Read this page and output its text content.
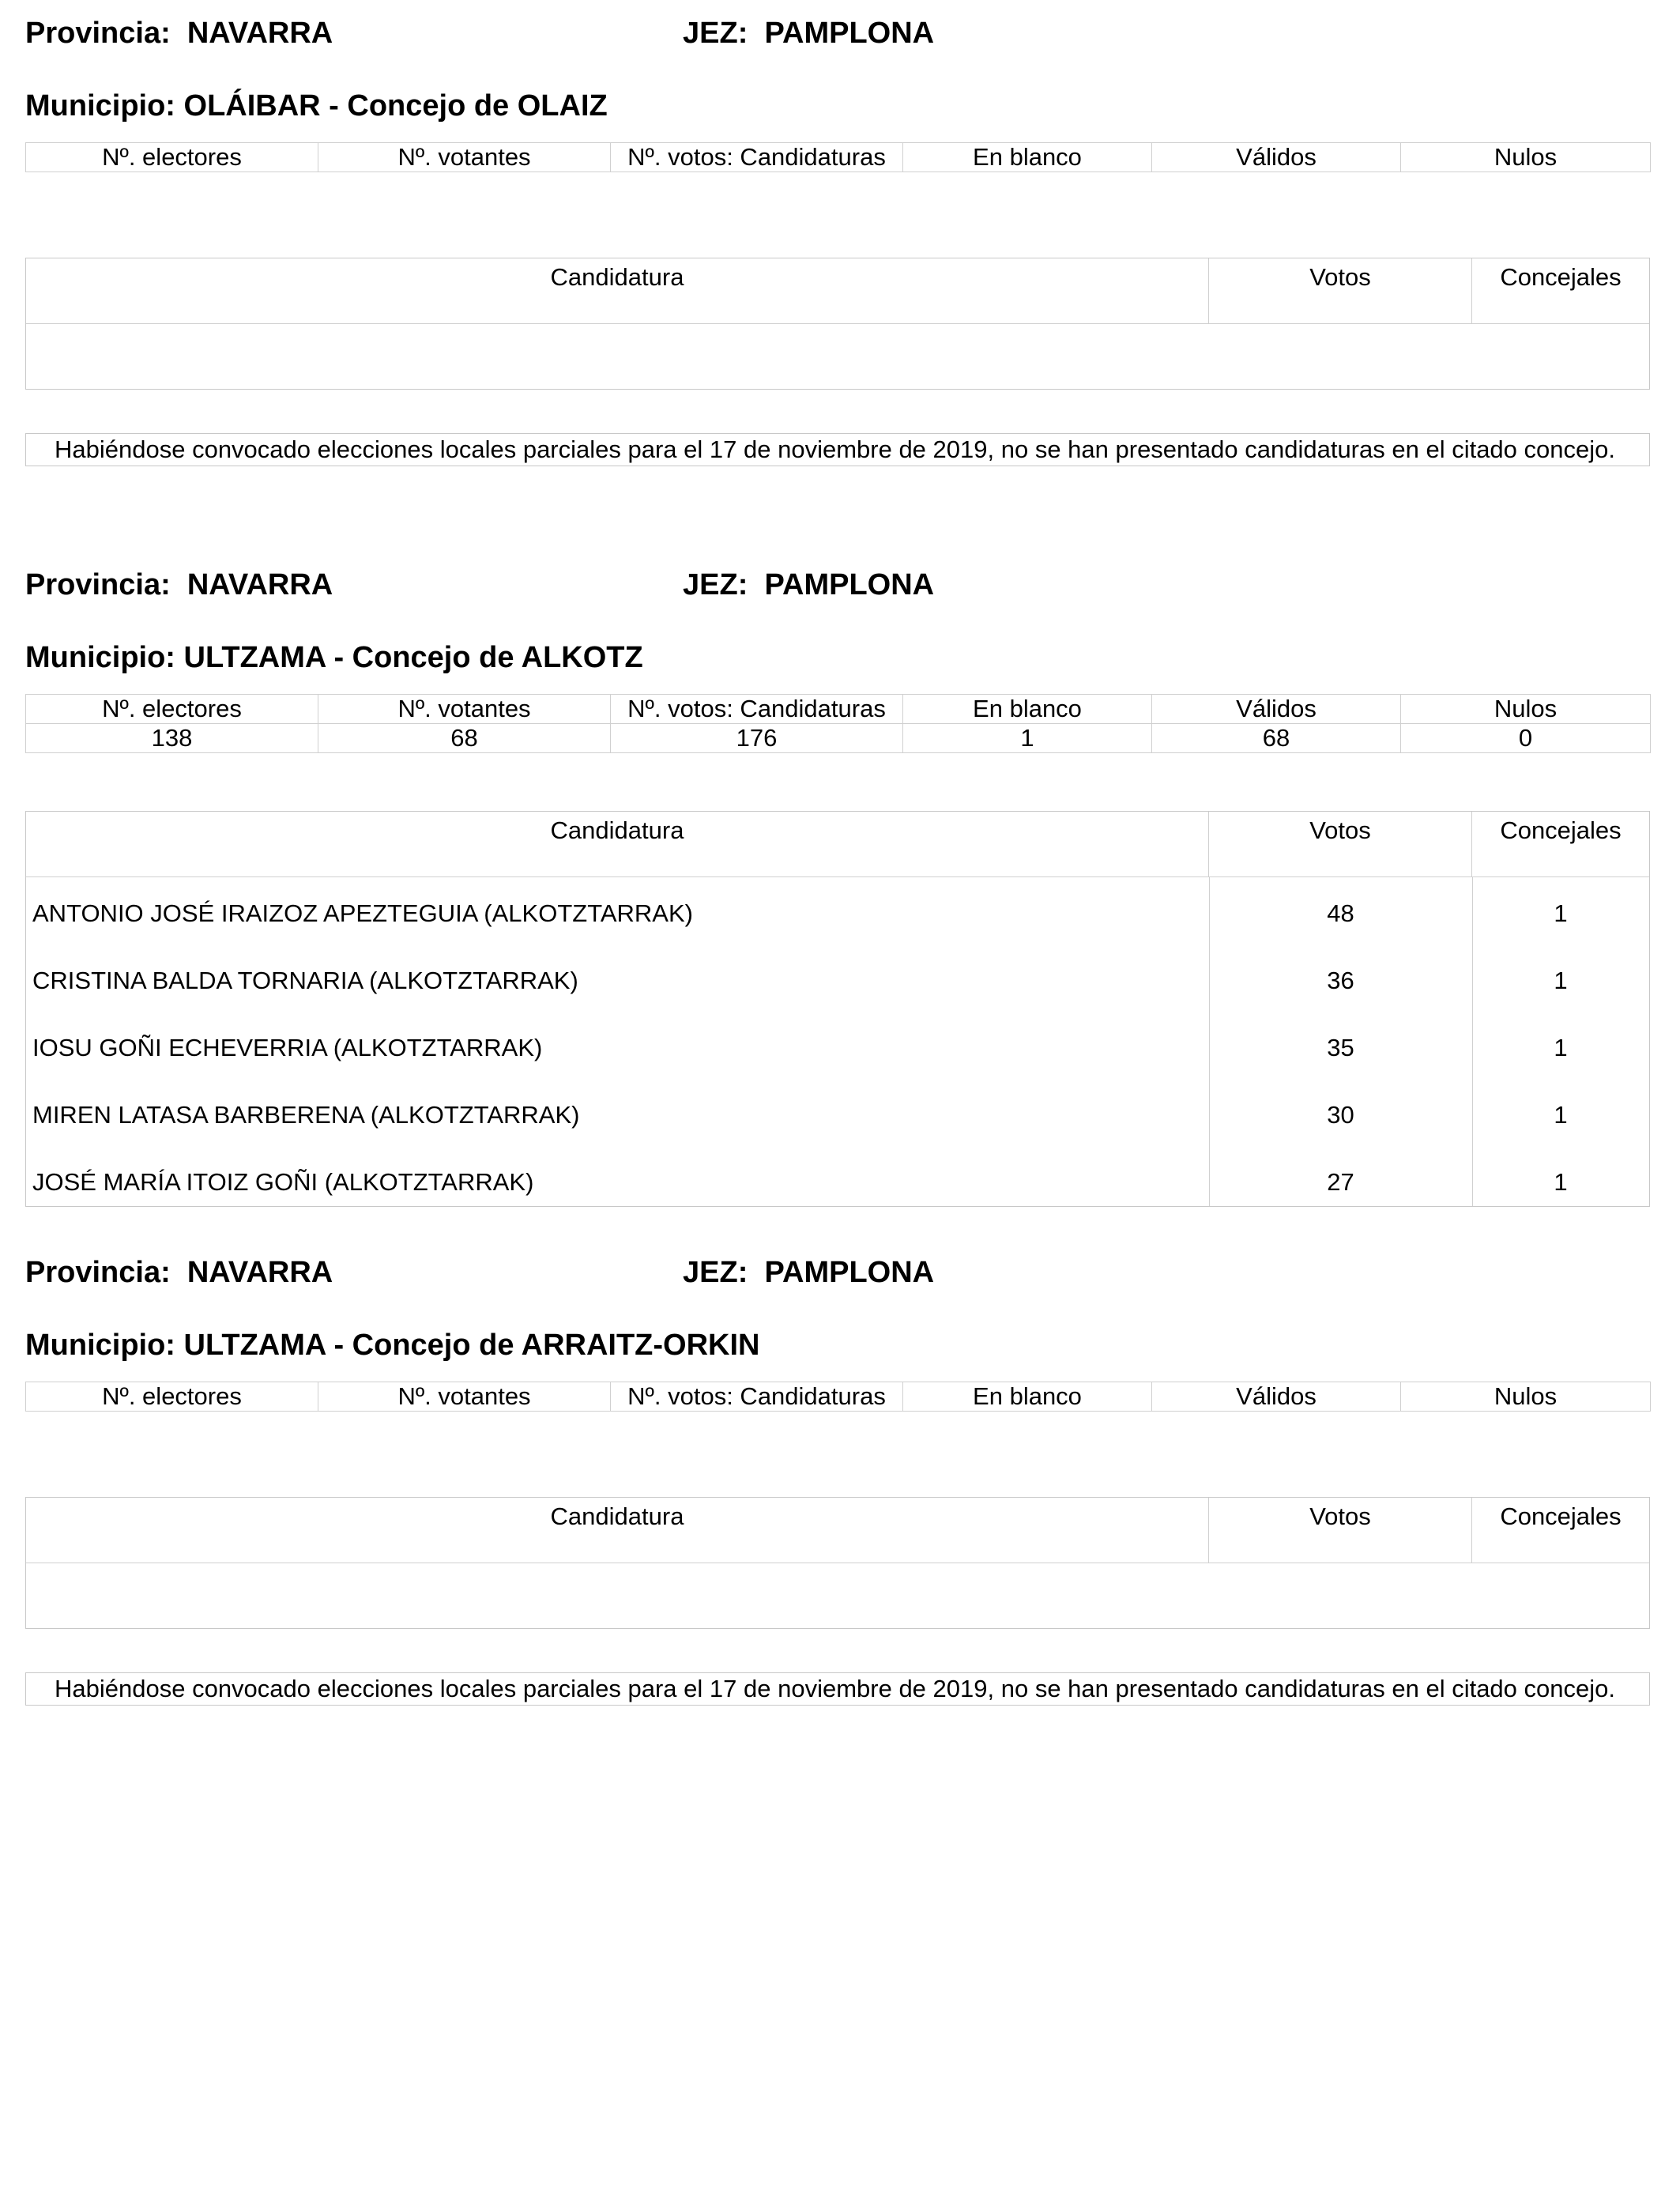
Provincia: NAVARRA	JEZ: PAMPLONA
Municipio: OLÁIBAR - Concejo de OLAIZ
Nº. electores	Nº. votantes	Nº. votos: Candidaturas	En blanco	Válidos	Nulos
Candidatura	Votos	Concejales
Habiéndose convocado elecciones locales parciales para el 17 de noviembre de 2019, no se han presentado candidaturas en el citado concejo.
Provincia: NAVARRA	JEZ: PAMPLONA
Municipio: ULTZAMA - Concejo de ALKOTZ
Nº. electores	Nº. votantes	Nº. votos: Candidaturas	En blanco	Válidos	Nulos
138	68	176	1	68	0
Candidatura	Votos	Concejales
ANTONIO JOSÉ IRAIZOZ APEZTEGUIA (ALKOTZTARRAK)	48	1
CRISTINA BALDA TORNARIA (ALKOTZTARRAK)	36	1
IOSU GOÑI ECHEVERRIA (ALKOTZTARRAK)	35	1
MIREN LATASA BARBERENA (ALKOTZTARRAK)	30	1
JOSÉ MARÍA ITOIZ GOÑI (ALKOTZTARRAK)	27	1
Provincia: NAVARRA	JEZ: PAMPLONA
Municipio: ULTZAMA - Concejo de ARRAITZ-ORKIN
Nº. electores	Nº. votantes	Nº. votos: Candidaturas	En blanco	Válidos	Nulos
Candidatura	Votos	Concejales
Habiéndose convocado elecciones locales parciales para el 17 de noviembre de 2019, no se han presentado candidaturas en el citado concejo.
